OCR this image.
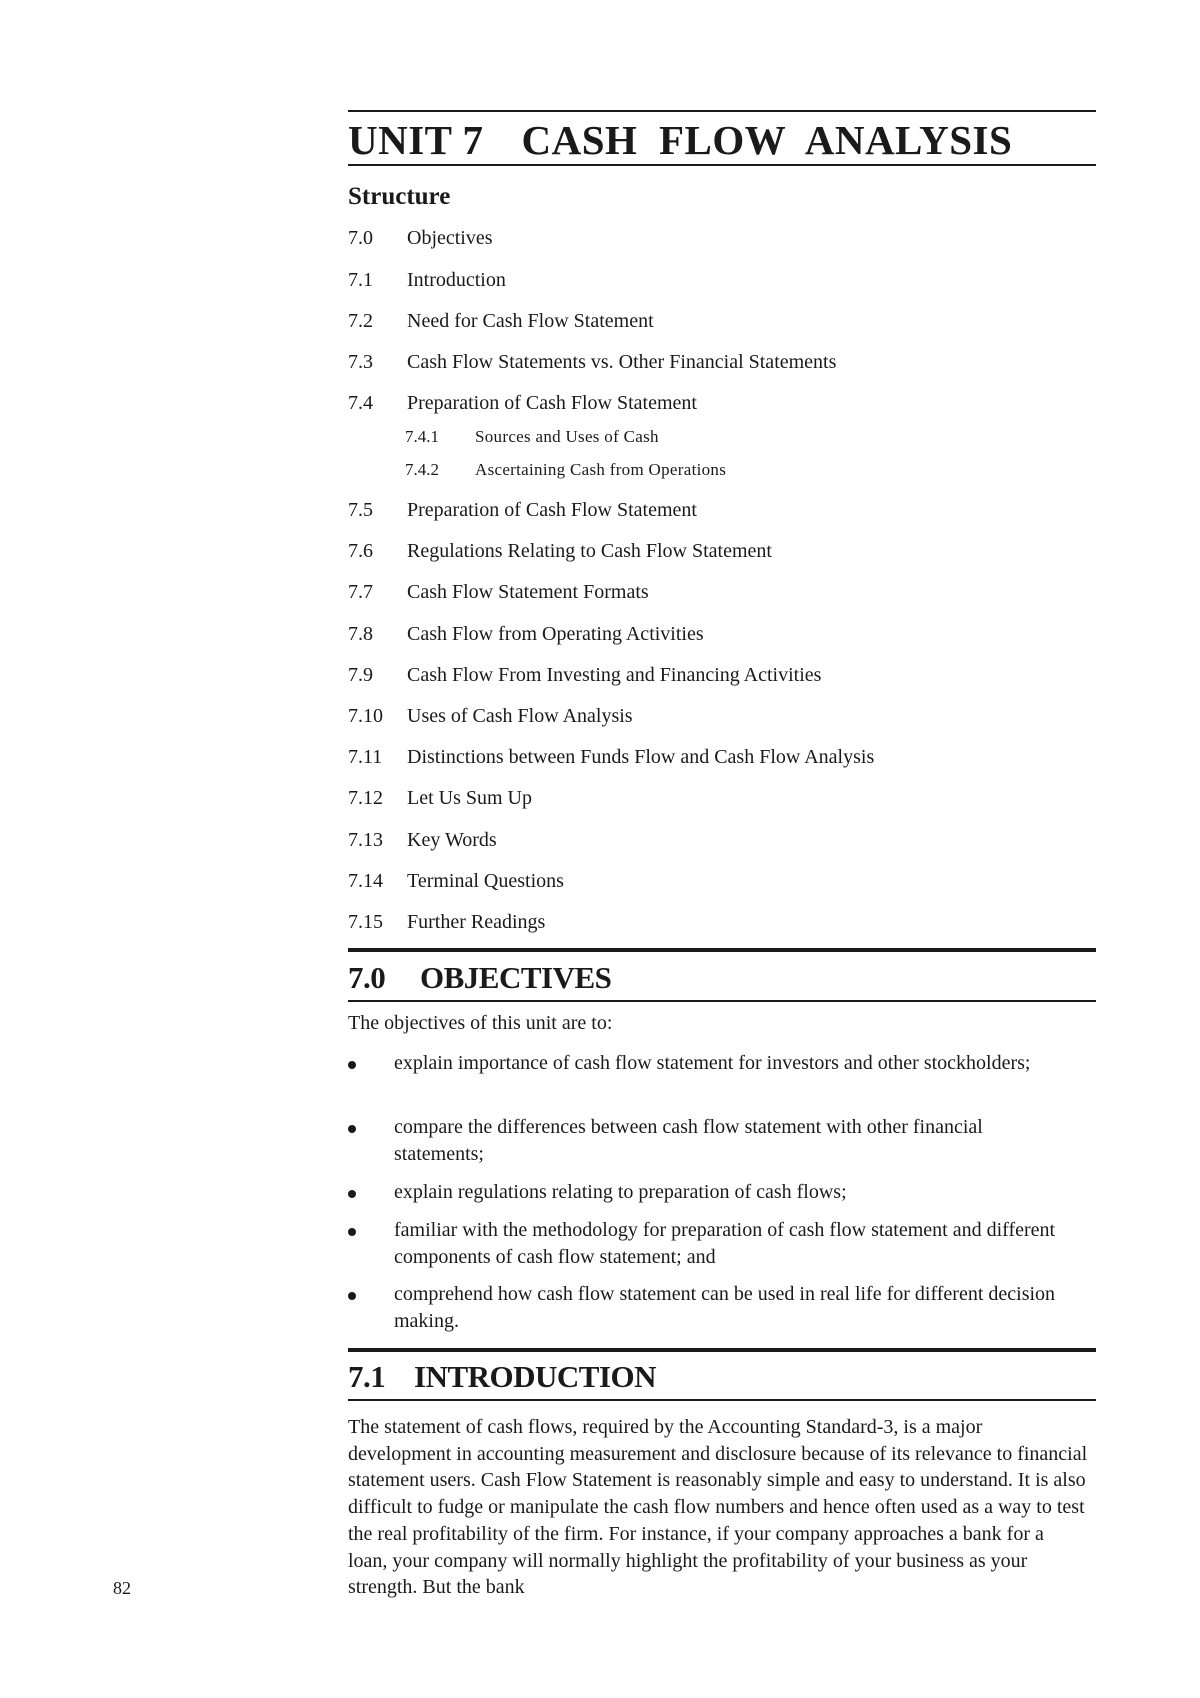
UNIT 7 CASH  FLOW  ANALYSIS
Structure
7.0 Objectives
7.1 Introduction
7.2 Need for Cash Flow Statement
7.3 Cash Flow Statements vs. Other Financial Statements
7.4 Preparation of Cash Flow Statement
7.4.1 Sources and Uses of Cash
7.4.2 Ascertaining Cash from Operations
7.5 Preparation of Cash Flow Statement
7.6 Regulations Relating to Cash Flow Statement
7.7 Cash Flow Statement Formats
7.8 Cash Flow from Operating Activities
7.9 Cash Flow From Investing and Financing Activities
7.10 Uses of Cash Flow Analysis
7.11 Distinctions between Funds Flow and Cash Flow Analysis
7.12 Let Us Sum Up
7.13 Key Words
7.14 Terminal Questions
7.15 Further Readings
7.0 OBJECTIVES
The objectives of this unit are to:
explain importance of cash flow statement for investors and other stockholders;
compare the differences between cash flow statement with other financial statements;
explain regulations relating to preparation of cash flows;
familiar with the methodology for preparation of cash flow statement and different components of cash flow statement; and
comprehend how cash flow statement can be used in real life for different decision making.
7.1 INTRODUCTION
The statement of cash flows, required by the Accounting Standard-3, is a major development in accounting measurement and disclosure because of its relevance to financial statement users. Cash Flow Statement is reasonably simple and easy to understand. It is also difficult to fudge or manipulate the cash flow numbers and hence often used as a way to test the real profitability of the firm. For instance, if your company approaches a bank for a loan, your company will normally highlight the profitability of your business as your strength. But the bank
82
